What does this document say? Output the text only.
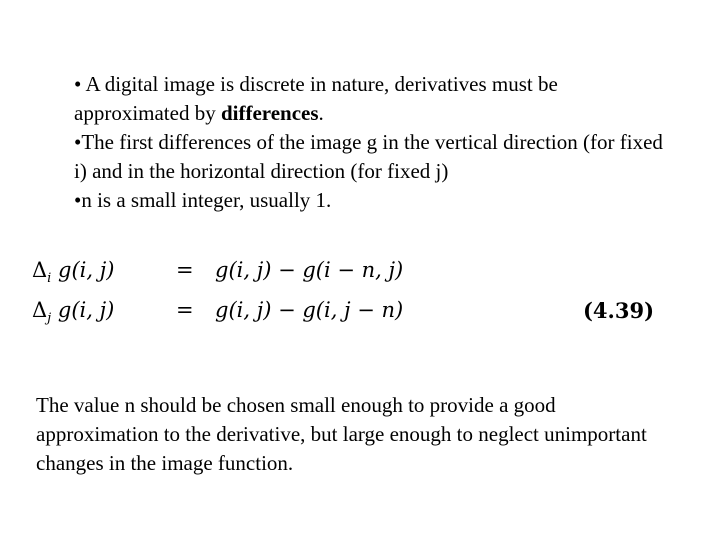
• A digital image is discrete in nature, derivatives must be approximated by differences.

•The first differences of the image g in the vertical direction (for fixed i) and in the horizontal direction (for fixed j)

•n is a small integer, usually 1.

$\Delta_i$ g(i, j)	= g(i, j) − g(i − n, j)
$\Delta_j$ g(i, j)	= g(i, j) − g(i, j − n)	(4.39)

The value n should be chosen small enough to provide a good approximation to the derivative, but large enough to neglect unimportant changes in the image function.
